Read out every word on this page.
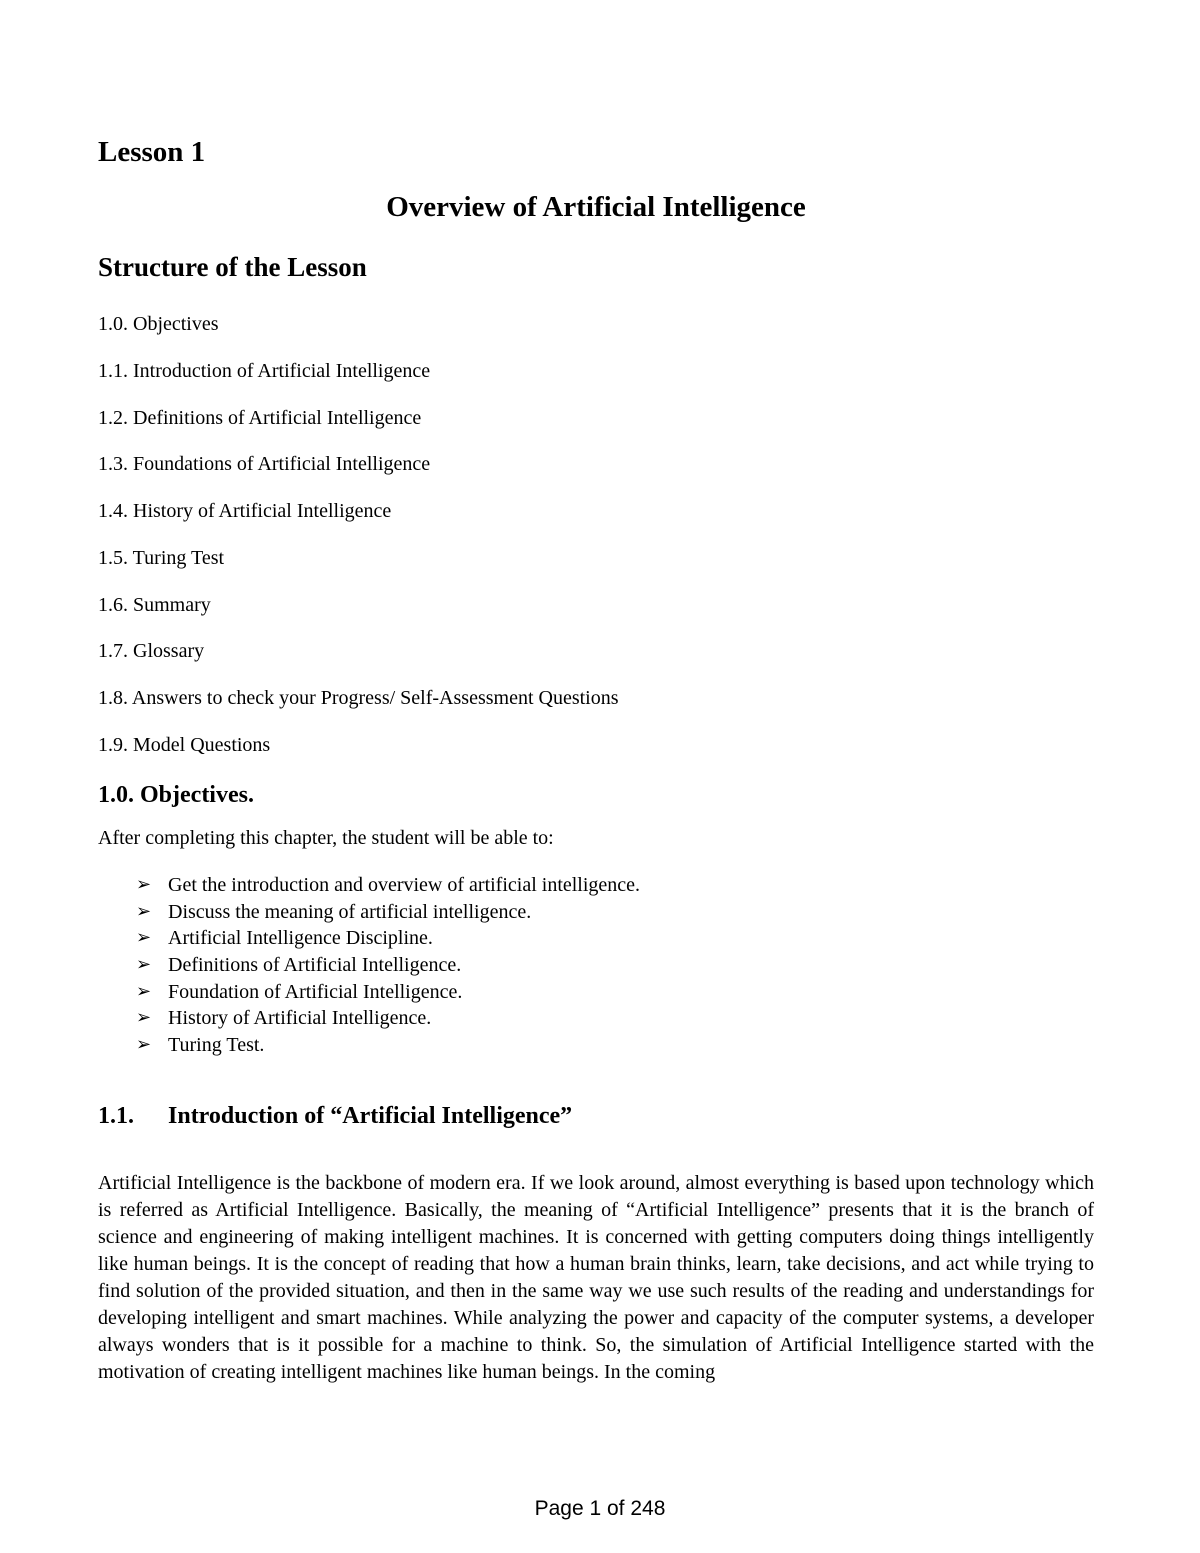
Lesson 1
Overview of Artificial Intelligence
Structure of the Lesson
1.0. Objectives
1.1. Introduction of Artificial Intelligence
1.2. Definitions of Artificial Intelligence
1.3. Foundations of Artificial Intelligence
1.4. History of Artificial Intelligence
1.5. Turing Test
1.6. Summary
1.7. Glossary
1.8. Answers to check your Progress/ Self-Assessment Questions
1.9. Model Questions
1.0. Objectives.

After completing this chapter, the student will be able to:

➢ Get the introduction and overview of artificial intelligence.
➢ Discuss the meaning of artificial intelligence.
➢ Artificial Intelligence Discipline.
➢ Definitions of Artificial Intelligence.
➢ Foundation of Artificial Intelligence.
➢ History of Artificial Intelligence.
➢ Turing Test.
1.1.	Introduction of “Artificial Intelligence”

Artificial Intelligence is the backbone of modern era. If we look around, almost everything is based upon technology which is referred as Artificial Intelligence. Basically, the meaning of “Artificial Intelligence” presents that it is the branch of science and engineering of making intelligent machines. It is concerned with getting computers doing things intelligently like human beings. It is the concept of reading that how a human brain thinks, learn, take decisions, and act while trying to find solution of the provided situation, and then in the same way we use such results of the reading and understandings for developing intelligent and smart machines. While analyzing the power and capacity of the computer systems, a developer always wonders that is it possible for a machine to think. So, the simulation of Artificial Intelligence started with the motivation of creating intelligent machines like human beings. In the coming

Page 1 of 248
